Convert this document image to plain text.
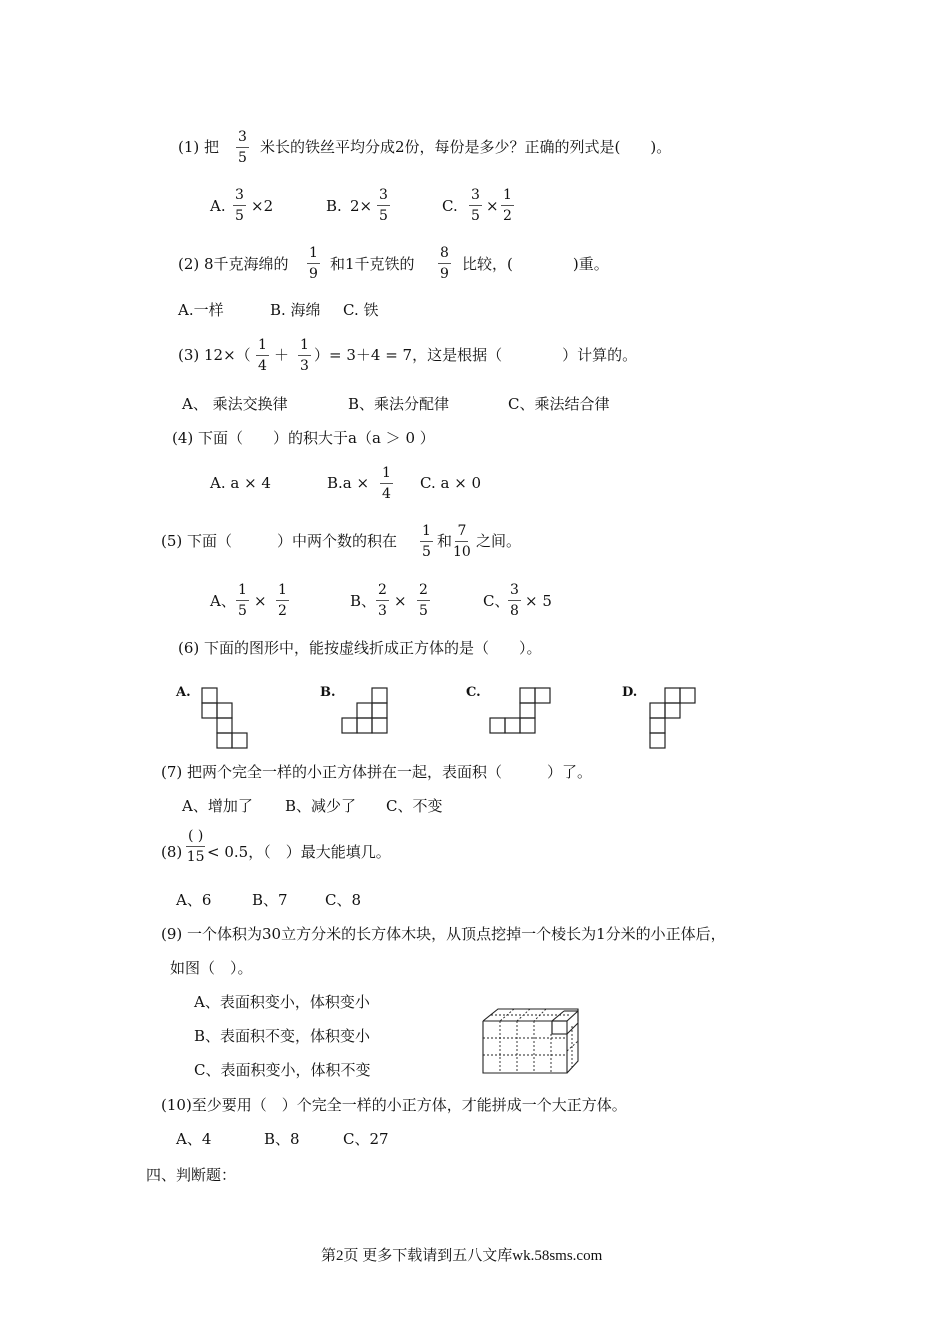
(1) 把 $\frac{3}{5}$ 米长的铁丝平均分成2份，每份是多少？正确的列式是(　　)。
A. $\frac{3}{5} \times 2$	B. $2\times \frac{3}{5}$	C. $\frac{3}{5} \times \frac{1}{2}$
(2) 8千克海绵的 $\frac{1}{9}$ 和1千克铁的 $\frac{8}{9}$ 比较，(　　　　)重。
A.一样	B. 海绵 C. 铁
(3) $12\times( \frac{1}{4} + \frac{1}{3}$ ）= 3＋4 = 7，这是根据（　　　　）计算的。
A、 乘法交换律	B、乘法分配律	C、乘法结合律
(4) 下面（　　）的积大于a（a ＞ 0 ）
A. a × 4	$B.a \times \frac{1}{4} C$. a × 0
(5) 下面（　　　）中两个数的积在 $\frac{1}{5}$ 和 $\frac{7}{10}$ 之间。
A、 $\frac{1}{5} \times \frac{1}{2}$	B、 $\frac{2}{3} \times \frac{2}{5}$	C、
$\frac{3}{8} \times 5$
(6) 下面的图形中，能按虚线折成正方体的是（　　）。
A.	B.	C.	D.
(7) 把两个完全一样的小正方体拼在一起，表面积（　　　）了。
A、增加了 B、减少了 C、不变
(8)
( )
15 < 0.5，（　）最大能填几。
A、6	B、7 C、8
(9) 一个体积为30立方分米的长方体木块，从顶点挖掉一个棱长为1分米的小正体后，
如图（　）。
A、表面积变小，体积变小
B、表面积不变，体积变小
C、表面积变小，体积不变
(10)至少要用（　）个完全一样的小正方体，才能拼成一个大正方体。
A、4	B、8	C、27
四、判断题：
第2页 更多下载请到五八文库wk.58sms.com
